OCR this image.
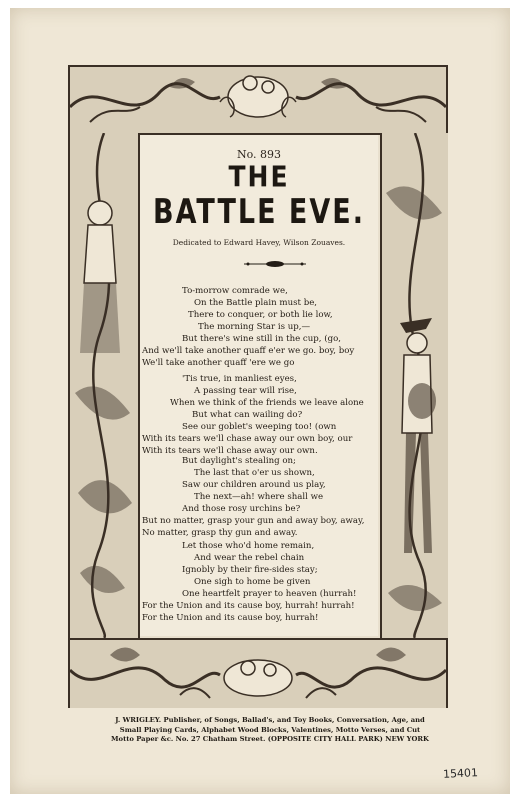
No. 893
THE
BATTLE EVE.
Dedicated to Edward Havey, Wilson Zouaves.
To-morrow comrade we,
On the Battle plain must be,
There to conquer, or both lie low,
The morning Star is up,—
But there's wine still in the cup, (go,
And we'll take another quaff e'er we go. boy, boy
We'll take another quaff 'ere we go
'Tis true, in manliest eyes,
A passing tear will rise,
When we think of the friends we leave alone
But what can wailing do?
See our goblet's weeping too! (own
With its tears we'll chase away our own boy, our
With its tears we'll chase away our own.
But daylight's stealing on;
The last that o'er us shown,
Saw our children around us play,
The next—ah! where shall we
And those rosy urchins be?
But no matter, grasp your gun and away boy, away,
No matter, grasp thy gun and away.
Let those who'd home remain,
And wear the rebel chain
Ignobly by their fire-sides stay;
One sigh to home be given
One heartfelt prayer to heaven (hurrah!
For the Union and its cause boy, hurrah! hurrah!
For the Union and its cause boy, hurrah!
J. WRIGLEY. Publisher, of Songs, Ballad's, and Toy Books, Conversation, Age, and
Small Playing Cards, Alphabet Wood Blocks, Valentines, Motto Verses, and Cut
Motto Paper &c. No. 27 Chatham Street. (OPPOSITE CITY HALL PARK) NEW YORK
15401
